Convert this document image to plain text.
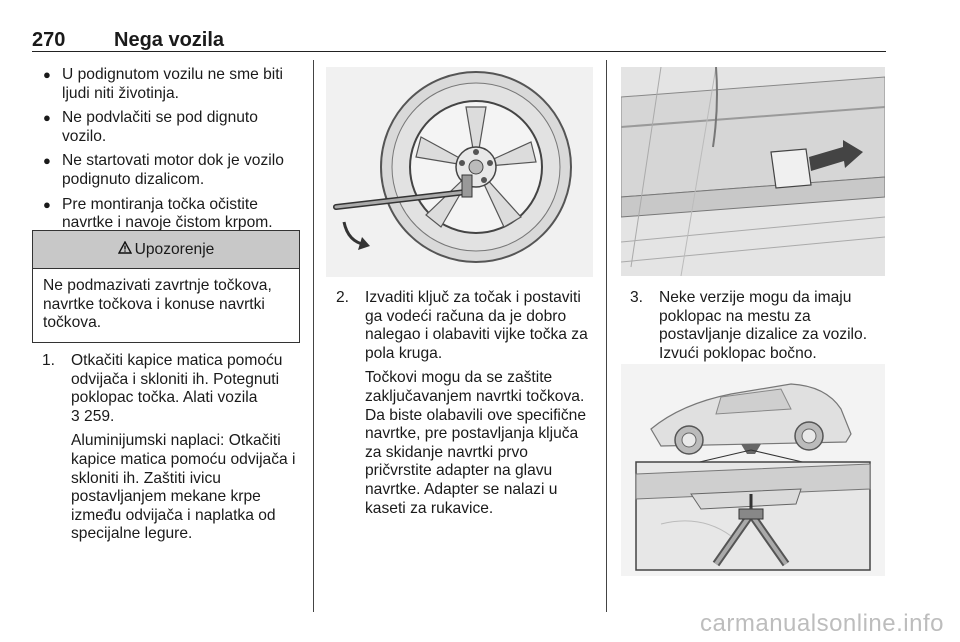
270 Nega vozila
● U podignutom vozilu ne sme biti ljudi niti životinja.
● Ne podvlačiti se pod dignuto vozilo.
● Ne startovati motor dok je vozilo podignuto dizalicom.
● Pre montiranja točka očistite navrtke i navoje čistom krpom.
Upozorenje
Ne podmazivati zavrtnje točkova, navrtke točkova i konuse navrtki točkova.
1. Otkačiti kapice matica pomoću odvijača i skloniti ih. Potegnuti poklopac točka. Alati vozila
3 259.

Aluminijumski naplaci: Otkačiti kapice matica pomoću odvijača i skloniti ih. Zaštiti ivicu postavljanjem mekane krpe između odvijača i naplatka od specijalne legure.

2. Izvaditi ključ za točak i postaviti ga vodeći računa da je dobro nalegao i olabaviti vijke točka za pola kruga.

Točkovi mogu da se zaštite zaključavanjem navrtki točkova. Da biste olabavili ove specifične navrtke, pre postavljanja ključa za skidanje navrtki prvo pričvrstite adapter na glavu navrtke. Adapter se nalazi u kaseti za rukavice.

3. Neke verzije mogu da imaju poklopac na mestu za postavljanje dizalice za vozilo. Izvući poklopac bočno.

carmanualsonline.info
